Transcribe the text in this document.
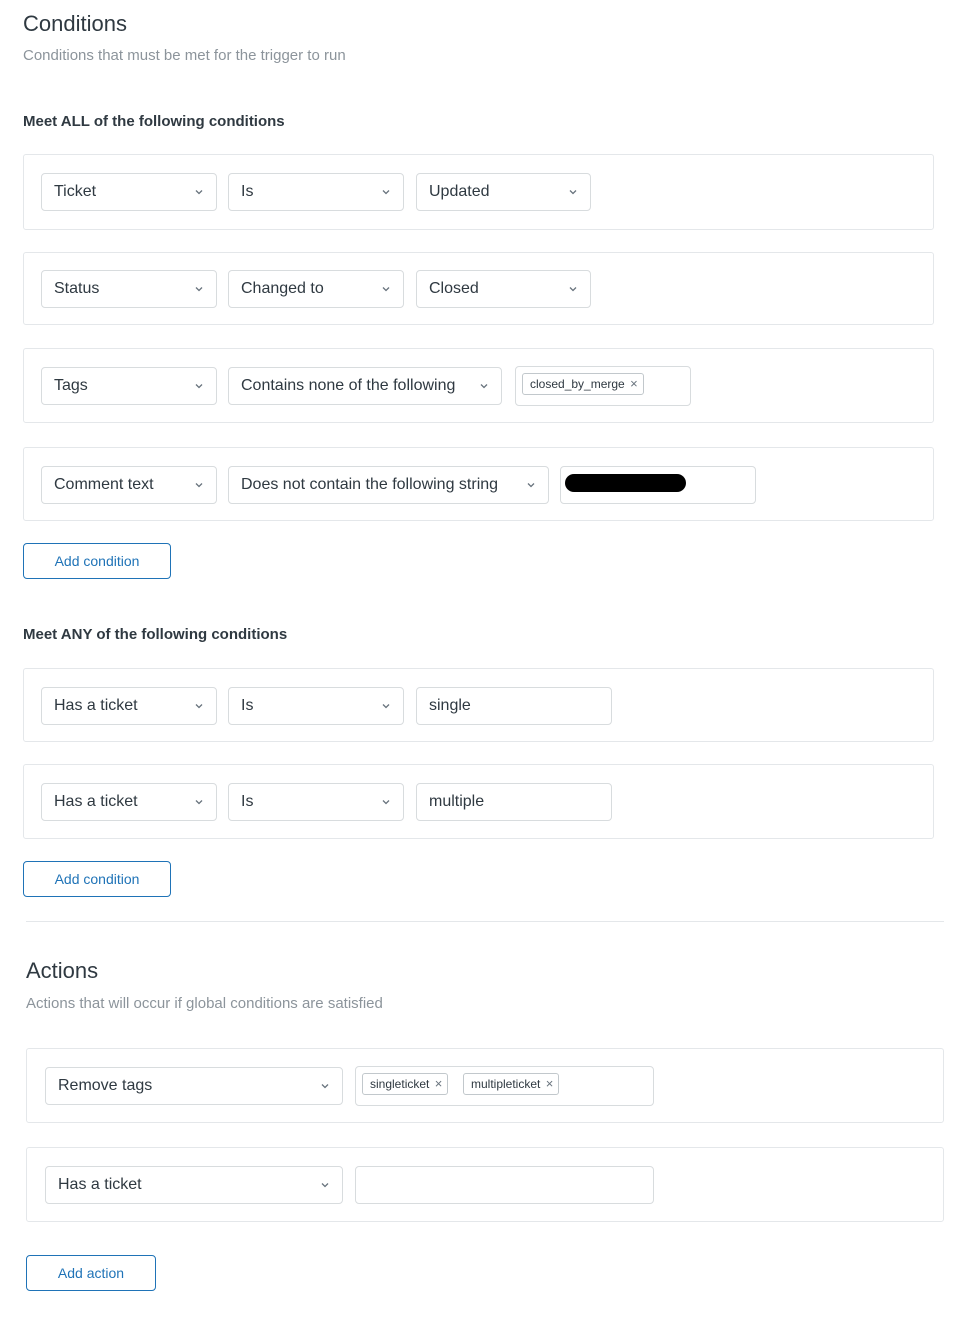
Conditions
Conditions that must be met for the trigger to run
Meet ALL of the following conditions
Ticket	Is	Updated
Status	Changed to	Closed
Tags	Contains none of the following	closed_by_merge ×
Comment text	Does not contain the following string
Add condition
Meet ANY of the following conditions
Has a ticket	Is	single
Has a ticket	Is	multiple
Add condition
Actions
Actions that will occur if global conditions are satisfied
Remove tags	singleticket ×	multipleticket ×
Has a ticket
Add action
